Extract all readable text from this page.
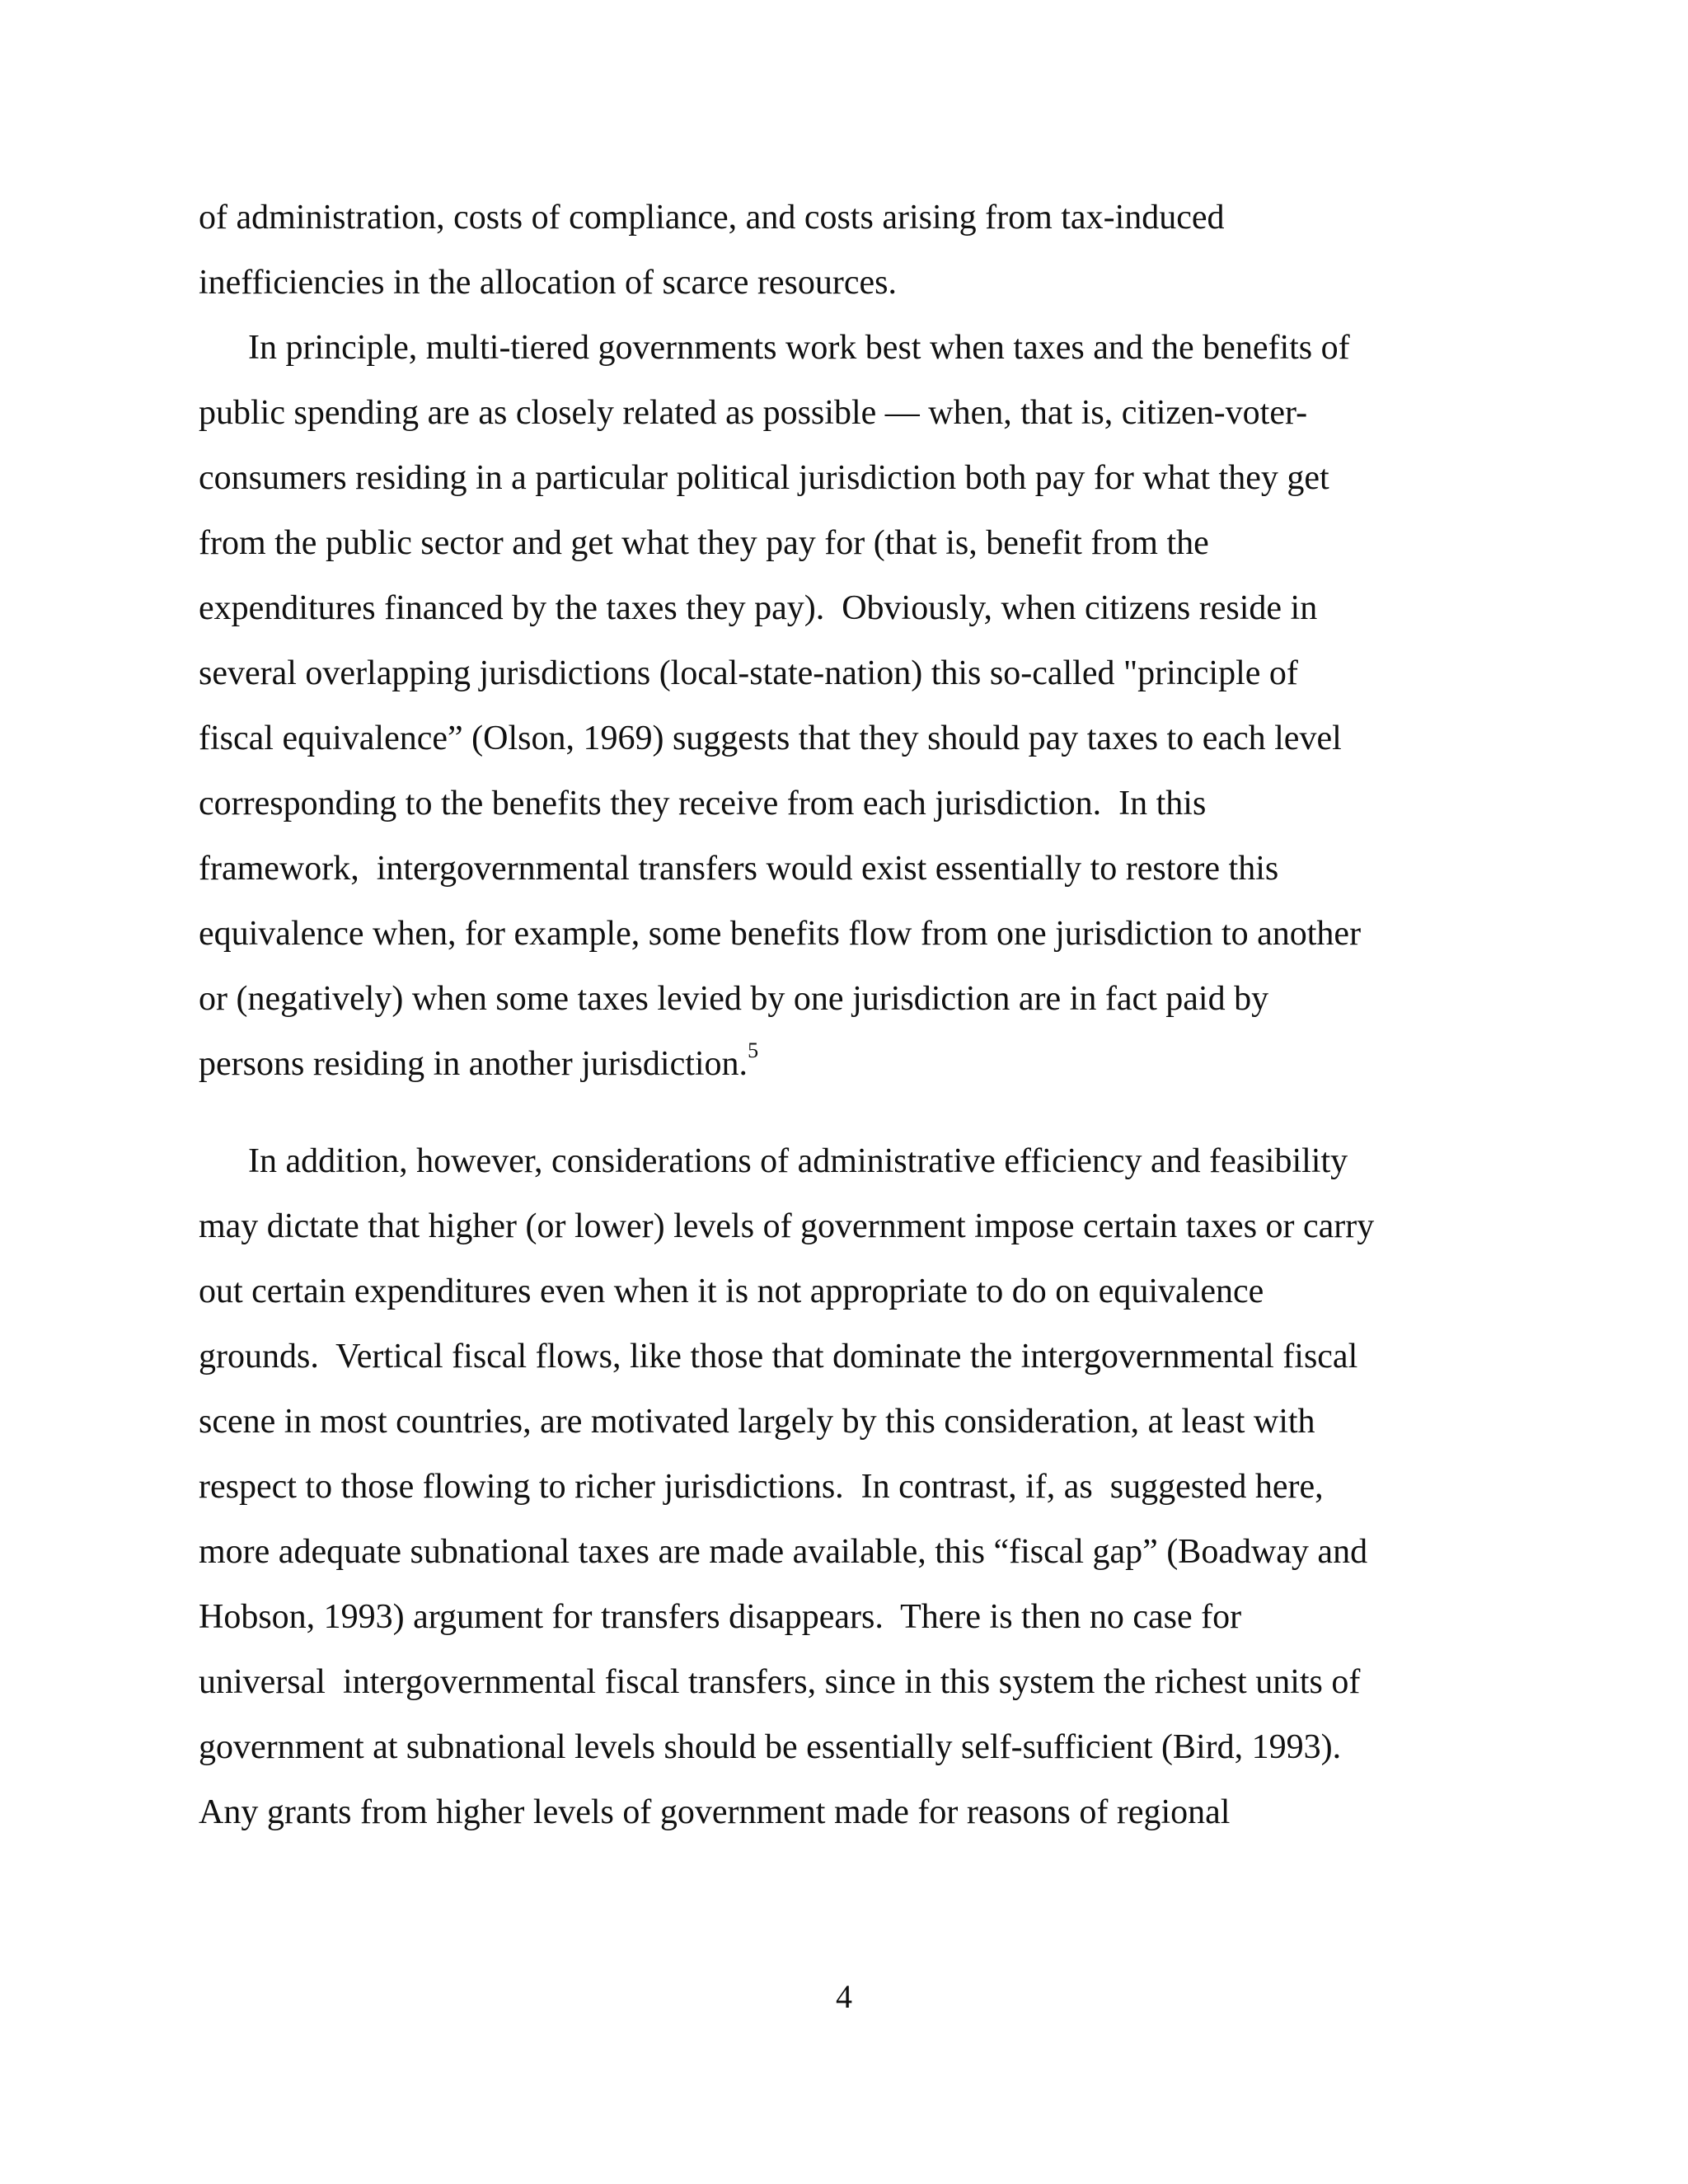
of administration, costs of compliance, and costs arising from tax-induced

inefficiencies in the allocation of scarce resources.

In principle, multi-tiered governments work best when taxes and the benefits of

public spending are as closely related as possible — when, that is, citizen-voter-

consumers residing in a particular political jurisdiction both pay for what they get

from the public sector and get what they pay for (that is, benefit from the

expenditures financed by the taxes they pay).  Obviously, when citizens reside in

several overlapping jurisdictions (local-state-nation) this so-called "principle of

fiscal equivalence” (Olson, 1969) suggests that they should pay taxes to each level

corresponding to the benefits they receive from each jurisdiction.  In this

framework,  intergovernmental transfers would exist essentially to restore this

equivalence when, for example, some benefits flow from one jurisdiction to another

or (negatively) when some taxes levied by one jurisdiction are in fact paid by

persons residing in another jurisdiction.$^5$

In addition, however, considerations of administrative efficiency and feasibility

may dictate that higher (or lower) levels of government impose certain taxes or carry

out certain expenditures even when it is not appropriate to do on equivalence

grounds.  Vertical fiscal flows, like those that dominate the intergovernmental fiscal

scene in most countries, are motivated largely by this consideration, at least with

respect to those flowing to richer jurisdictions.  In contrast, if, as  suggested here,

more adequate subnational taxes are made available, this “fiscal gap” (Boadway and

Hobson, 1993) argument for transfers disappears.  There is then no case for

universal  intergovernmental fiscal transfers, since in this system the richest units of

government at subnational levels should be essentially self-sufficient (Bird, 1993).

Any grants from higher levels of government made for reasons of regional

4
